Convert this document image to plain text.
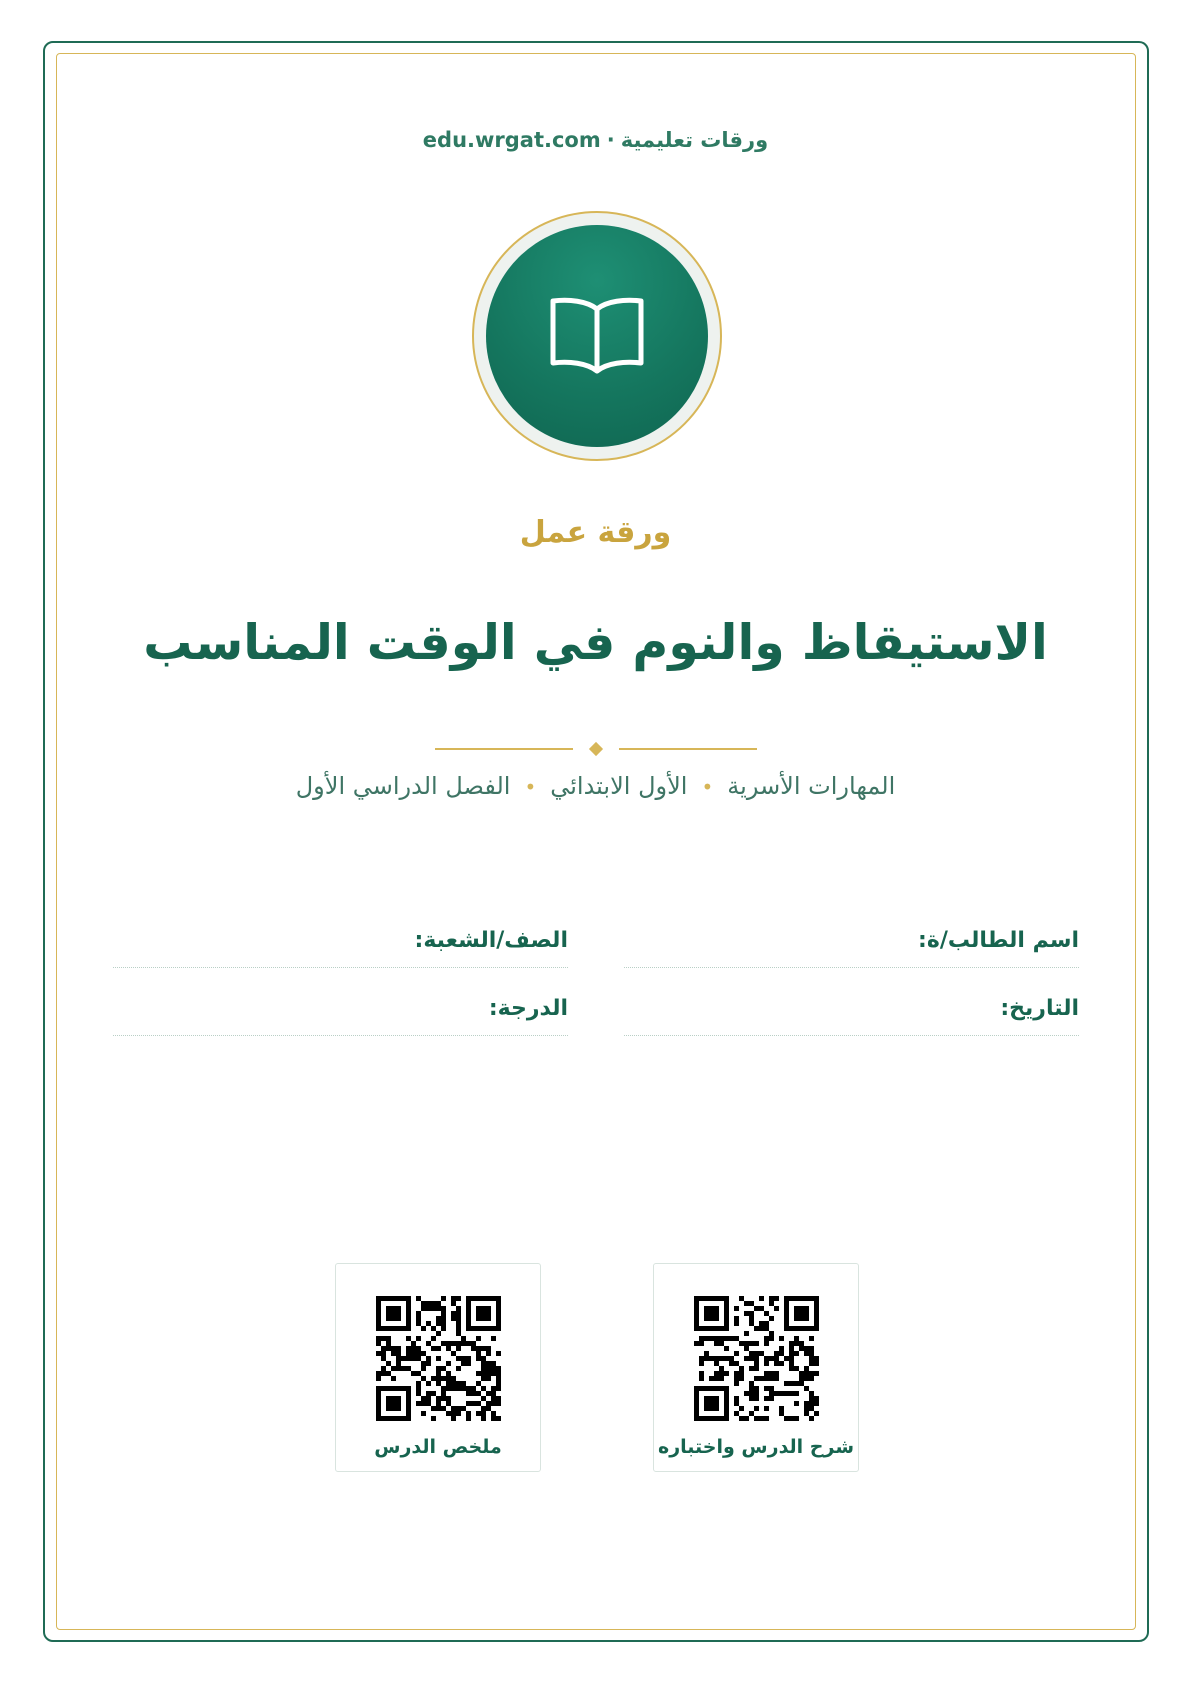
edu.wrgat.com · ورقات تعليمية
ورقة عمل
الاستيقاظ والنوم في الوقت المناسب
المهارات الأسرية•الأول الابتدائي•الفصل الدراسي الأول
اسم الطالب/ة:
الصف/الشعبة:
التاريخ:
الدرجة:
شرح الدرس واختباره
ملخص الدرس
